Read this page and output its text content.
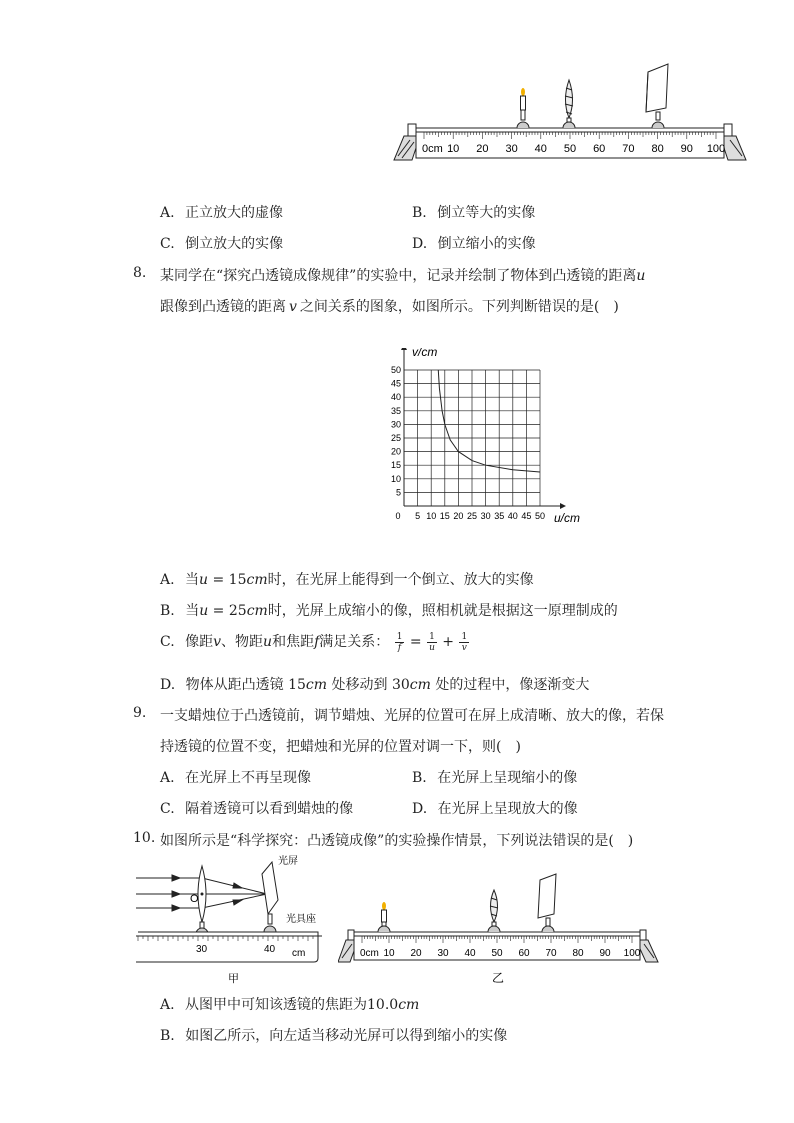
0cm 10 20 30 40 50 60 70 80 90 100
A. 正立放大的虚像	B. 倒立等大的实像
C. 倒立放大的实像	D. 倒立缩小的实像
8. 某同学在“探究凸透镜成像规律”的实验中，记录并绘制了物体到凸透镜的距离u
跟像到凸透镜的距离 v 之间关系的图象，如图所示。下列判断错误的是(　)
0 5 10 15 20 25 30 35 40 45 50
5
10
15
20
25
30
35
40
45
50
v/cm
u/cm
A. 当u = 15cm时，在光屏上能得到一个倒立、放大的实像
B. 当u = 25cm时，光屏上成缩小的像，照相机就是根据这一原理制成的
C. 像距v、物距u和焦距f满足关系： $\frac{1}{f} = \frac{1}{u} + \frac{1}{v}$
D. 物体从距凸透镜 15cm 处移动到 30cm 处的过程中，像逐渐变大
9. 一支蜡烛位于凸透镜前，调节蜡烛、光屏的位置可在屏上成清晰、放大的像，若保
持透镜的位置不变，把蜡烛和光屏的位置对调一下，则(　)
A. 在光屏上不再呈现像	B. 在光屏上呈现缩小的像
C. 隔着透镜可以看到蜡烛的像	D. 在光屏上呈现放大的像
10. 如图所示是“科学探究：凸透镜成像”的实验操作情景，下列说法错误的是(　)
O
光屏
光具座
30	40 cm
甲
0cm 10 20 30 40 50 60 70 80 90 100
乙
A. 从图甲中可知该透镜的焦距为10.0cm
B. 如图乙所示，向左适当移动光屏可以得到缩小的实像
